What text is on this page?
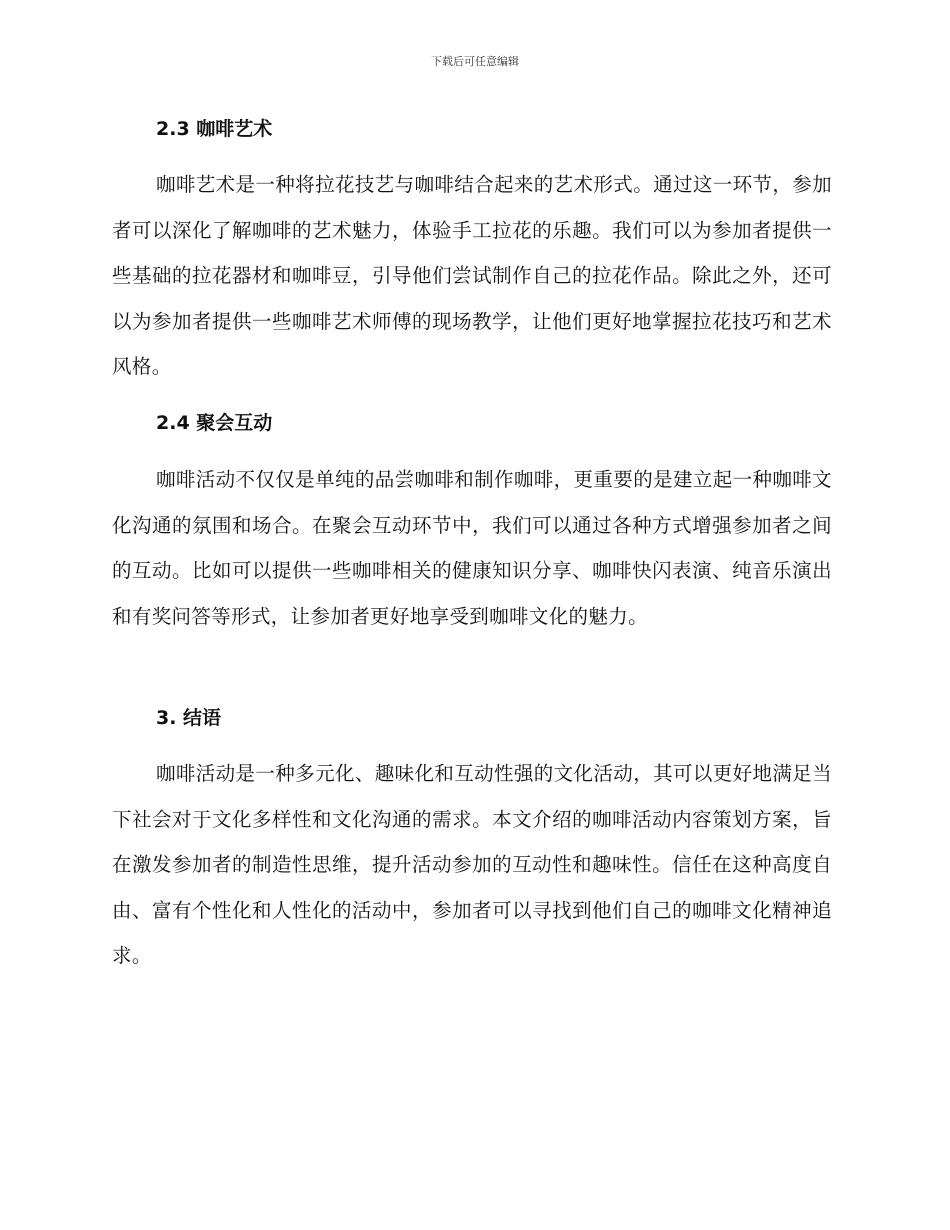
下载后可任意编辑
2.3 咖啡艺术

咖啡艺术是一种将拉花技艺与咖啡结合起来的艺术形式。通过这一环节，参加者可以深化了解咖啡的艺术魅力，体验手工拉花的乐趣。我们可以为参加者提供一些基础的拉花器材和咖啡豆，引导他们尝试制作自己的拉花作品。除此之外，还可以为参加者提供一些咖啡艺术师傅的现场教学，让他们更好地掌握拉花技巧和艺术风格。

2.4 聚会互动

咖啡活动不仅仅是单纯的品尝咖啡和制作咖啡，更重要的是建立起一种咖啡文化沟通的氛围和场合。在聚会互动环节中，我们可以通过各种方式增强参加者之间的互动。比如可以提供一些咖啡相关的健康知识分享、咖啡快闪表演、纯音乐演出和有奖问答等形式，让参加者更好地享受到咖啡文化的魅力。

3. 结语

咖啡活动是一种多元化、趣味化和互动性强的文化活动，其可以更好地满足当下社会对于文化多样性和文化沟通的需求。本文介绍的咖啡活动内容策划方案，旨在激发参加者的制造性思维，提升活动参加的互动性和趣味性。信任在这种高度自由、富有个性化和人性化的活动中，参加者可以寻找到他们自己的咖啡文化精神追求。
